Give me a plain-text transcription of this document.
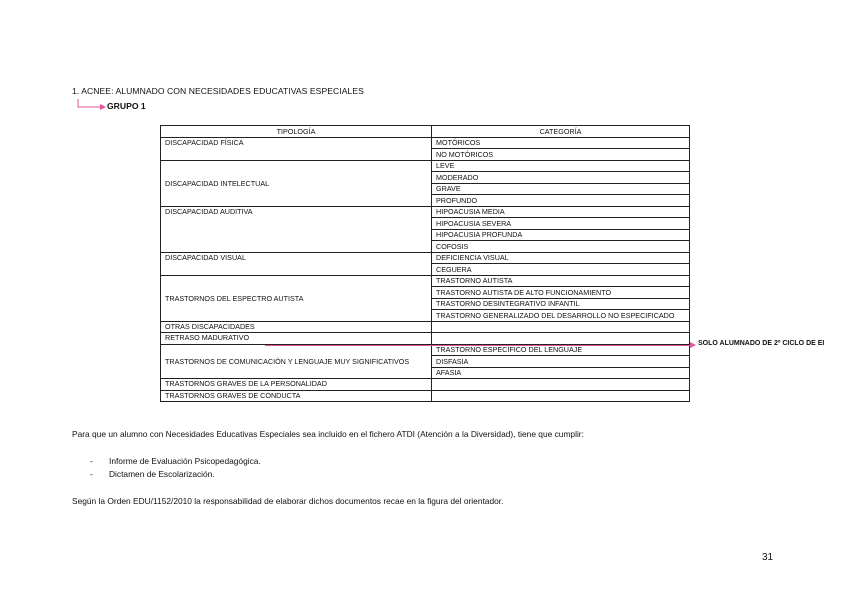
1. ACNEE: ALUMNADO CON NECESIDADES EDUCATIVAS ESPECIALES
GRUPO 1
TIPOLOGÍA	CATEGORÍA
DISCAPACIDAD FÍSICA	MOTÓRICOS
	NO MOTÓRICOS
DISCAPACIDAD INTELECTUAL	LEVE
	MODERADO
	GRAVE
	PROFUNDO
DISCAPACIDAD AUDITIVA	HIPOACUSIA MEDIA
	HIPOACUSIA SEVERA
	HIPOACUSIA PROFUNDA
	COFOSIS
DISCAPACIDAD VISUAL	DEFICIENCIA VISUAL
	CEGUERA
TRASTORNOS DEL ESPECTRO AUTISTA	TRASTORNO AUTISTA
	TRASTORNO AUTISTA DE ALTO FUNCIONAMIENTO
	TRASTORNO DESINTEGRATIVO INFANTIL
	TRASTORNO GENERALIZADO DEL DESARROLLO NO ESPECIFICADO
OTRAS DISCAPACIDADES	
RETRASO MADURATIVO	
TRASTORNOS DE COMUNICACIÓN Y LENGUAJE MUY SIGNIFICATIVOS	TRASTORNO ESPECÍFICO DEL LENGUAJE
	DISFASIA
	AFASIA
TRASTORNOS GRAVES DE LA PERSONALIDAD	
TRASTORNOS GRAVES DE CONDUCTA	
SOLO ALUMNADO DE 2º CICLO DE EI
Para que un alumno con Necesidades Educativas Especiales sea incluido en el fichero ATDI (Atención a la Diversidad), tiene que cumplir:
- Informe de Evaluación Psicopedagógica.
- Dictamen de Escolarización.
Según la Orden EDU/1152/2010 la responsabilidad de elaborar dichos documentos recae en la figura del orientador.
31
